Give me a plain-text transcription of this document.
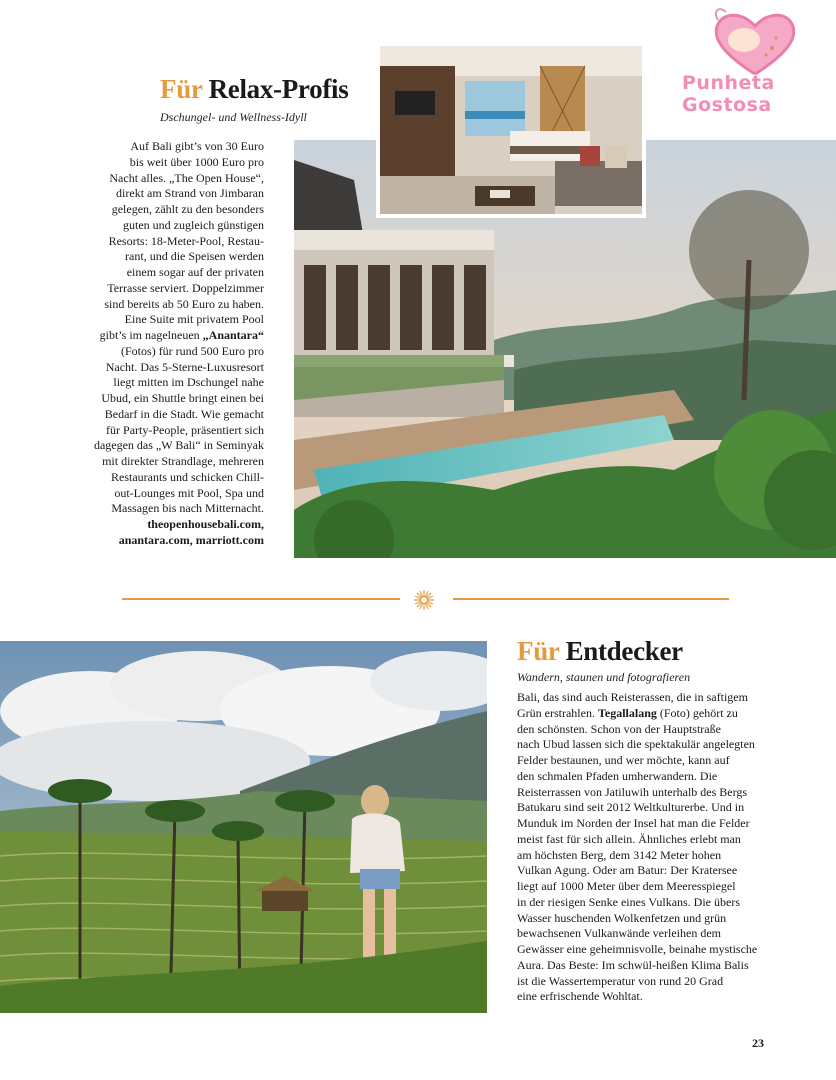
Punheta Gostosa
Für Relax-Profis
Dschungel- und Wellness-Idyll
Auf Bali gibt’s von 30 Euro
bis weit über 1000 Euro pro
Nacht alles. „The Open House“,
direkt am Strand von Jimbaran
gelegen, zählt zu den besonders
guten und zugleich günstigen
Resorts: 18-Meter-Pool, Restau-
rant, und die Speisen werden
einem sogar auf der privaten
Terrasse serviert. Doppelzimmer
sind bereits ab 50 Euro zu haben.
Eine Suite mit privatem Pool
gibt’s im nagelneuen „Anantara“
(Fotos) für rund 500 Euro pro
Nacht. Das 5-Sterne-Luxusresort
liegt mitten im Dschungel nahe
Ubud, ein Shuttle bringt einen bei
Bedarf in die Stadt. Wie gemacht
für Party-People, präsentiert sich
dagegen das „W Bali“ in Seminyak
mit direkter Strandlage, mehreren
Restaurants und schicken Chill-
out-Lounges mit Pool, Spa und
Massagen bis nach Mitternacht.
theopenhousebali.com,
anantara.com, marriott.com
Für Entdecker
Wandern, staunen und fotografieren
Bali, das sind auch Reisterassen, die in saftigem
Grün erstrahlen. Tegallalang (Foto) gehört zu
den schönsten. Schon von der Hauptstraße
nach Ubud lassen sich die spektakulär angelegten
Felder bestaunen, und wer möchte, kann auf
den schmalen Pfaden umherwandern. Die
Reisterrassen von Jatiluwih unterhalb des Bergs
Batukaru sind seit 2012 Weltkulturerbe. Und in
Munduk im Norden der Insel hat man die Felder
meist fast für sich allein. Ähnliches erlebt man
am höchsten Berg, dem 3142 Meter hohen
Vulkan Agung. Oder am Batur: Der Kratersee
liegt auf 1000 Meter über dem Meeresspiegel
in der riesigen Senke eines Vulkans. Die übers
Wasser huschenden Wolkenfetzen und grün
bewachsenen Vulkanwände verleihen dem
Gewässer eine geheimnisvolle, beinahe mystische
Aura. Das Beste: Im schwül-heißen Klima Balis
ist die Wassertemperatur von rund 20 Grad
eine erfrischende Wohltat.
23
